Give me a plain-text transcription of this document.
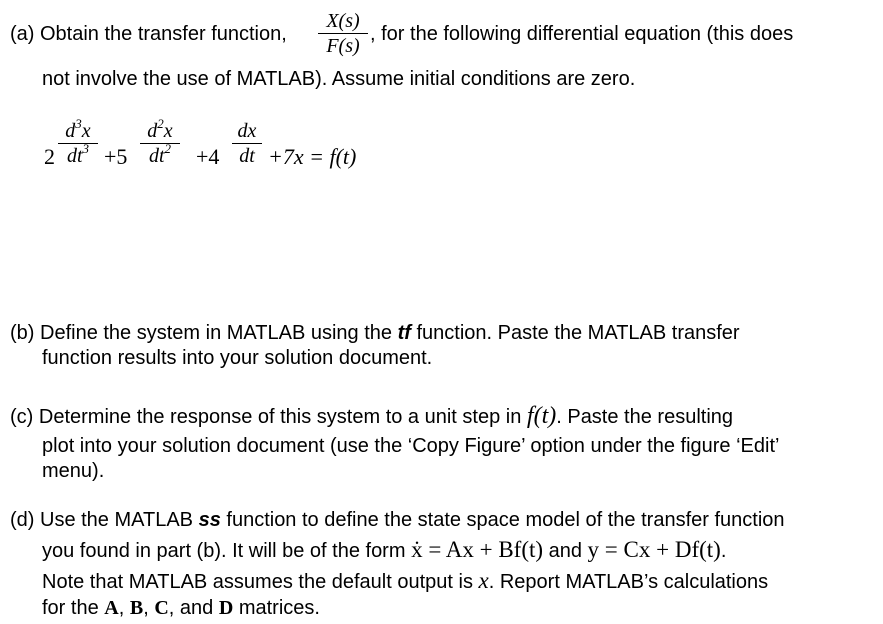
(a) Obtain the transfer function,
X(s)
F(s)
, for the following differential equation (this does
not involve the use of MATLAB). Assume initial conditions are zero.
2
$d^3x$
$dt^3 +5$
$d^2x$
$dt^2$	+4
dx
dt +7x = f(t)
(b) Define the system in MATLAB using the tf function. Paste the MATLAB transfer
function results into your solution document.
(c) Determine the response of this system to a unit step in f(t). Paste the resulting
plot into your solution document (use the ‘Copy Figure’ option under the figure ‘Edit’
menu).
(d) Use the MATLAB ss function to define the state space model of the transfer function
you found in part (b). It will be of the form ẋ = Ax + Bf(t) and y = Cx + Df(t).
Note that MATLAB assumes the default output is x. Report MATLAB’s calculations
for the A, B, C, and D matrices.
